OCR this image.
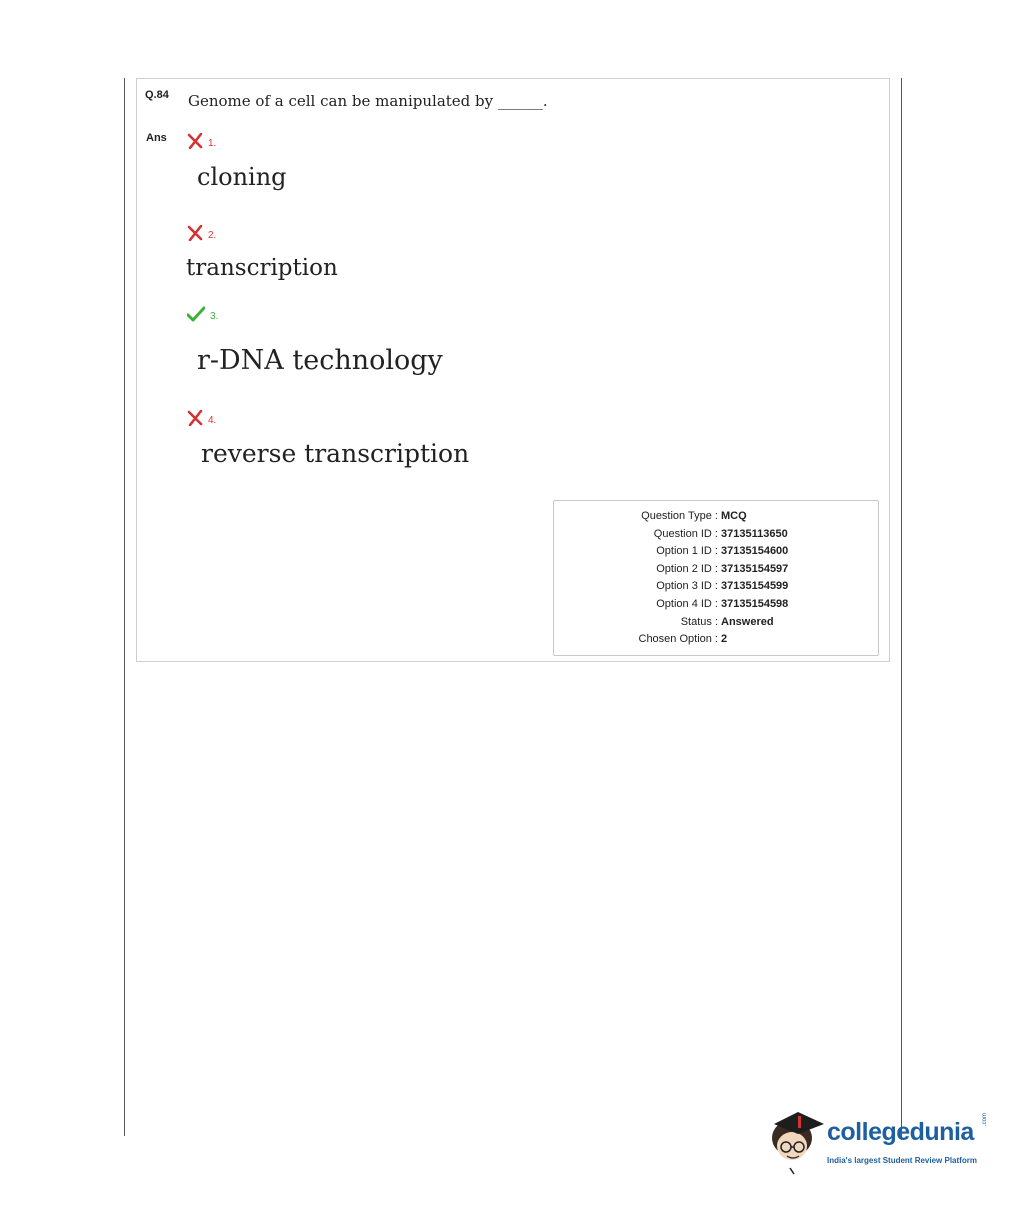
Q.84 Genome of a cell can be manipulated by ______.
Ans	1.
cloning
2.
transcription
3.
r-DNA technology
4.
reverse transcription
Question Type : MCQ
Question ID : 37135113650
Option 1 ID : 37135154600
Option 2 ID : 37135154597
Option 3 ID : 37135154599
Option 4 ID : 37135154598
Status : Answered
Chosen Option : 2
collegedunia .com
India's largest Student Review Platform
